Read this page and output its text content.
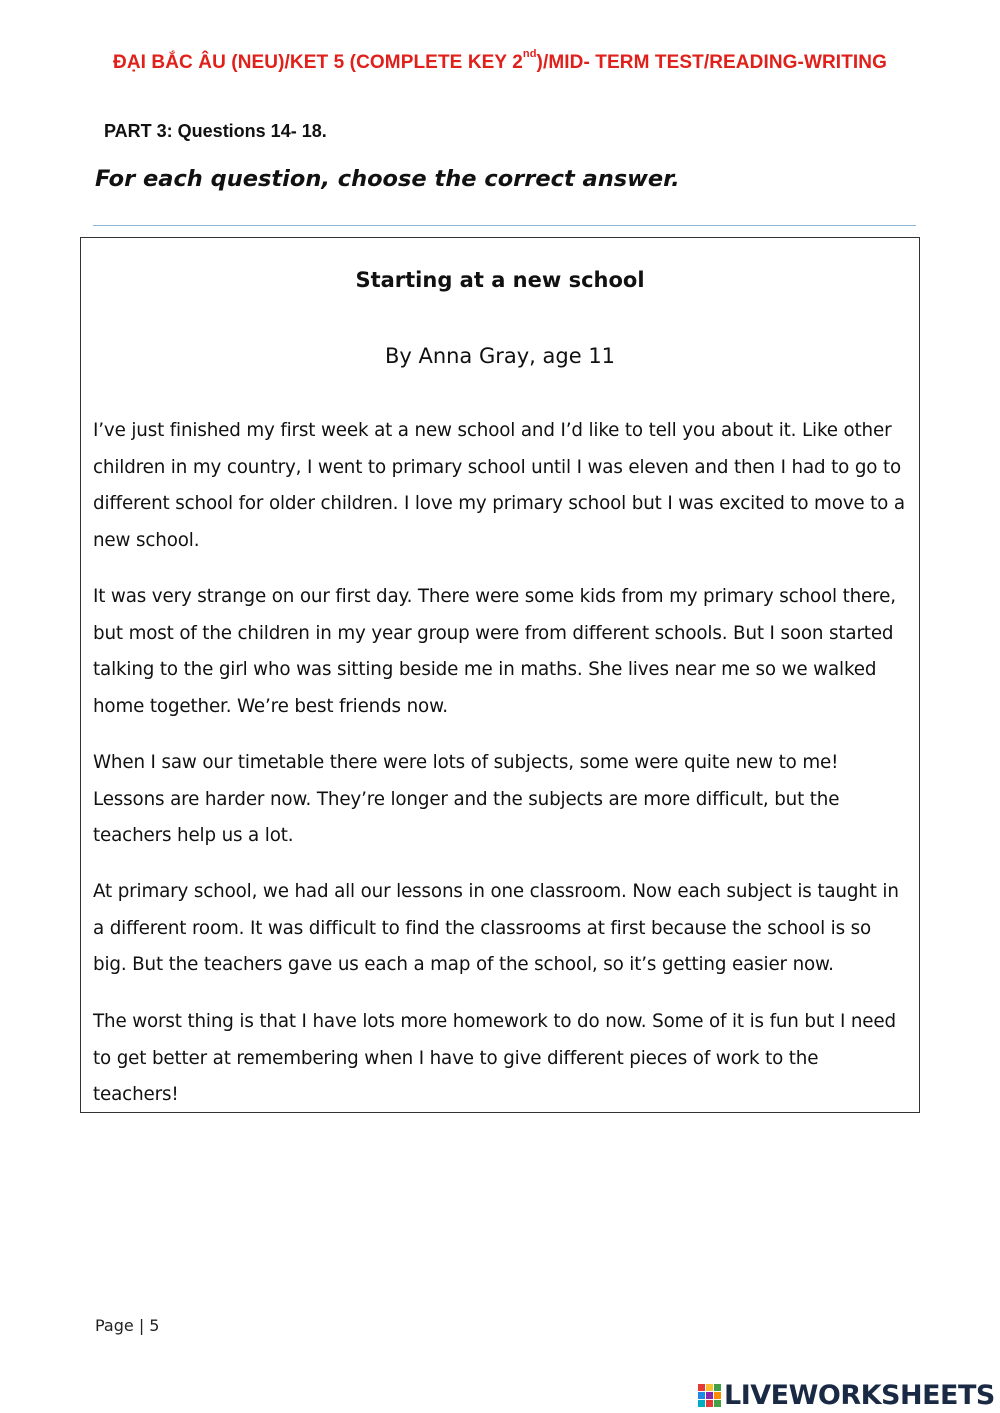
ĐẠI BẮC ÂU (NEU)/KET 5 (COMPLETE KEY 2nd)/MID- TERM TEST/READING-WRITING
PART 3: Questions 14- 18.
For each question, choose the correct answer.
Starting at a new school
By Anna Gray, age 11

I’ve just finished my first week at a new school and I’d like to tell you about it. Like other children in my country, I went to primary school until I was eleven and then I had to go to different school for older children. I love my primary school but I was excited to move to a new school.

It was very strange on our first day. There were some kids from my primary school there, but most of the children in my year group were from different schools. But I soon started talking to the girl who was sitting beside me in maths. She lives near me so we walked home together. We’re best friends now.

When I saw our timetable there were lots of subjects, some were quite new to me! Lessons are harder now. They’re longer and the subjects are more difficult, but the teachers help us a lot.

At primary school, we had all our lessons in one classroom. Now each subject is taught in a different room. It was difficult to find the classrooms at first because the school is so big. But the teachers gave us each a map of the school, so it’s getting easier now.

The worst thing is that I have lots more homework to do now. Some of it is fun but I need to get better at remembering when I have to give different pieces of work to the teachers!

Page | 5
LIVEWORKSHEETS
